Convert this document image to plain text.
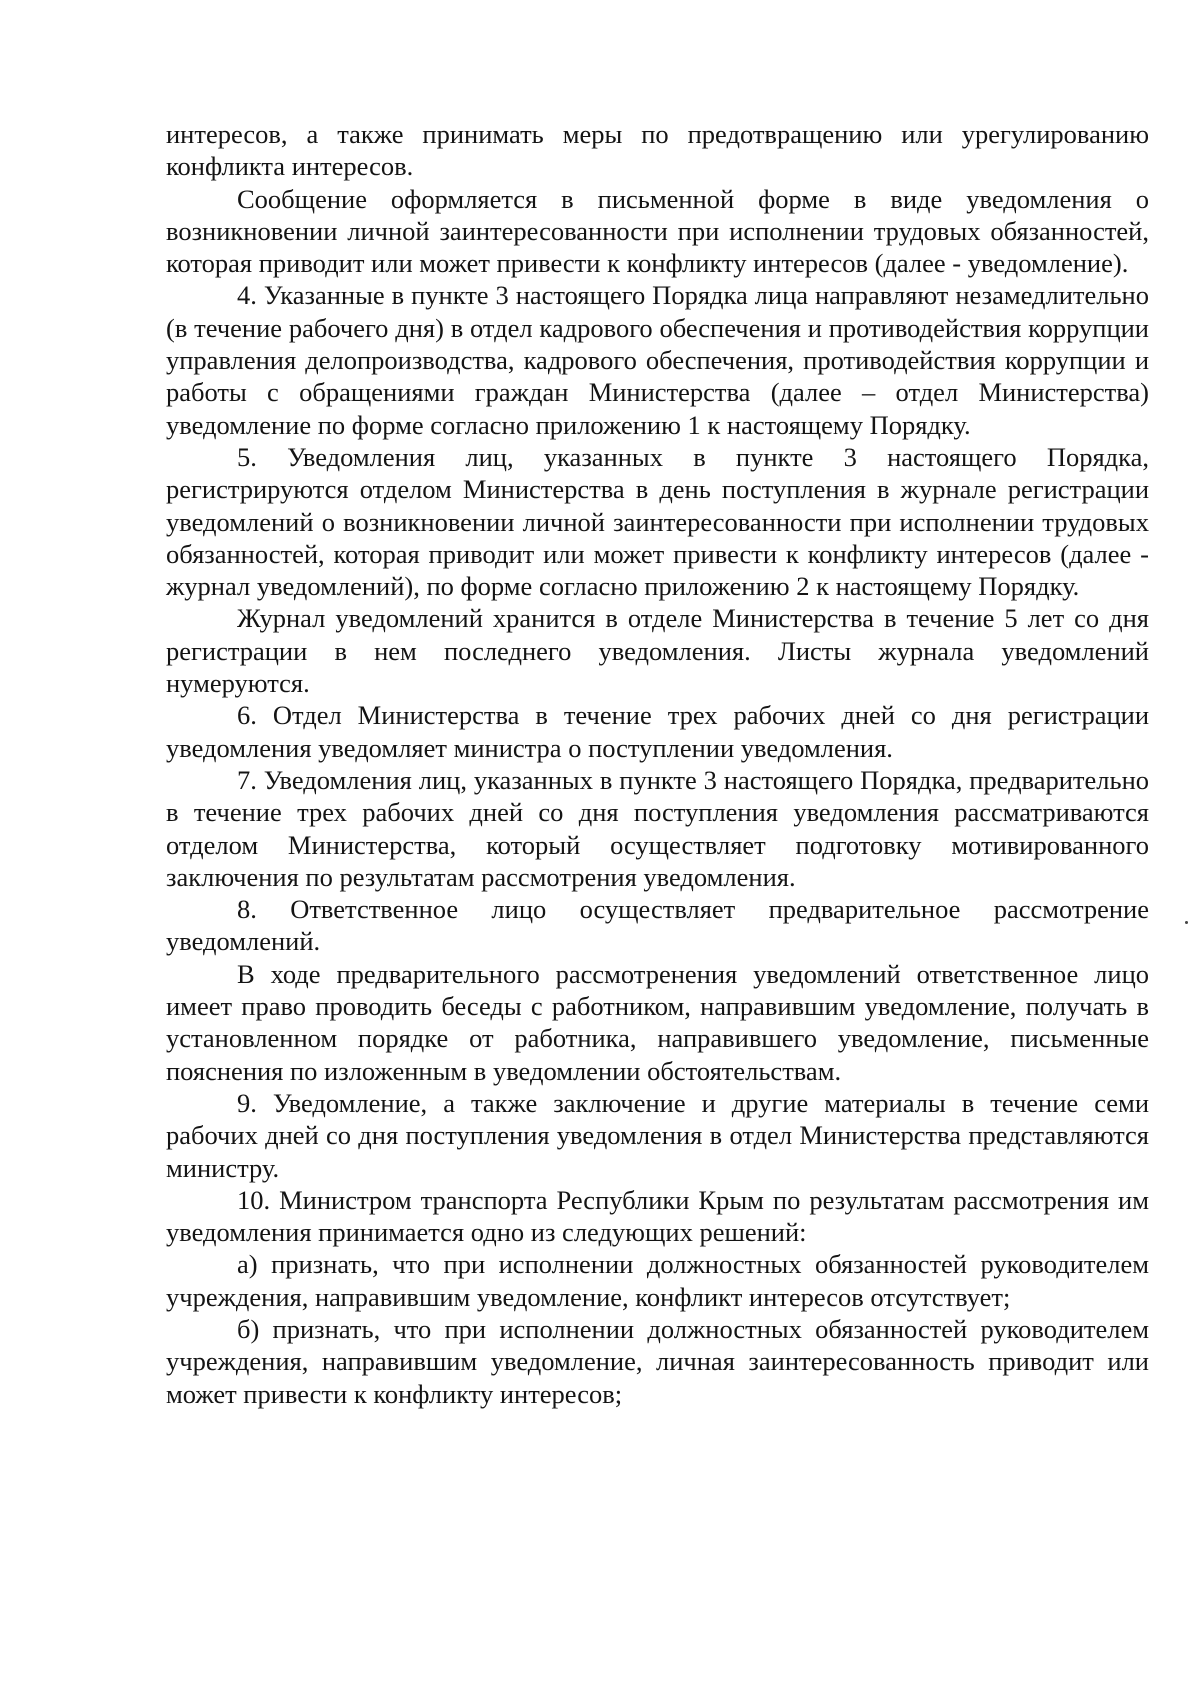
интересов, а также принимать меры по предотвращению или урегулированию конфликта интересов.

Сообщение оформляется в письменной форме в виде уведомления о возникновении личной заинтересованности при исполнении трудовых обязанностей, которая приводит или может привести к конфликту интересов (далее - уведомление).

4. Указанные в пункте 3 настоящего Порядка лица направляют незамедлительно (в течение рабочего дня) в отдел кадрового обеспечения и противодействия коррупции управления делопроизводства, кадрового обеспечения, противодействия коррупции и работы с обращениями граждан Министерства (далее – отдел Министерства) уведомление по форме согласно приложению 1 к настоящему Порядку.

5. Уведомления лиц, указанных в пункте 3 настоящего Порядка, регистрируются отделом Министерства в день поступления в журнале регистрации уведомлений о возникновении личной заинтересованности при исполнении трудовых обязанностей, которая приводит или может привести к конфликту интересов (далее - журнал уведомлений), по форме согласно приложению 2 к настоящему Порядку.

Журнал уведомлений хранится в отделе Министерства в течение 5 лет со дня регистрации в нем последнего уведомления. Листы журнала уведомлений нумеруются.

6. Отдел Министерства в течение трех рабочих дней со дня регистрации уведомления уведомляет министра о поступлении уведомления.

7. Уведомления лиц, указанных в пункте 3 настоящего Порядка, предварительно в течение трех рабочих дней со дня поступления уведомления рассматриваются отделом Министерства, который осуществляет подготовку мотивированного заключения по результатам рассмотрения уведомления.

8. Ответственное лицо осуществляет предварительное рассмотрение уведомлений.

В ходе предварительного рассмотренения уведомлений ответственное лицо имеет право проводить беседы с работником, направившим уведомление, получать в установленном порядке от работника, направившего уведомление, письменные пояснения по изложенным в уведомлении обстоятельствам.

9. Уведомление, а также заключение и другие материалы в течение семи рабочих дней со дня поступления уведомления в отдел Министерства представляются министру.

10. Министром транспорта Республики Крым по результатам рассмотрения им уведомления принимается одно из следующих решений:

а) признать, что при исполнении должностных обязанностей руководителем учреждения, направившим уведомление, конфликт интересов отсутствует;

б) признать, что при исполнении должностных обязанностей руководителем учреждения, направившим уведомление, личная заинтересованность приводит или может привести к конфликту интересов;
